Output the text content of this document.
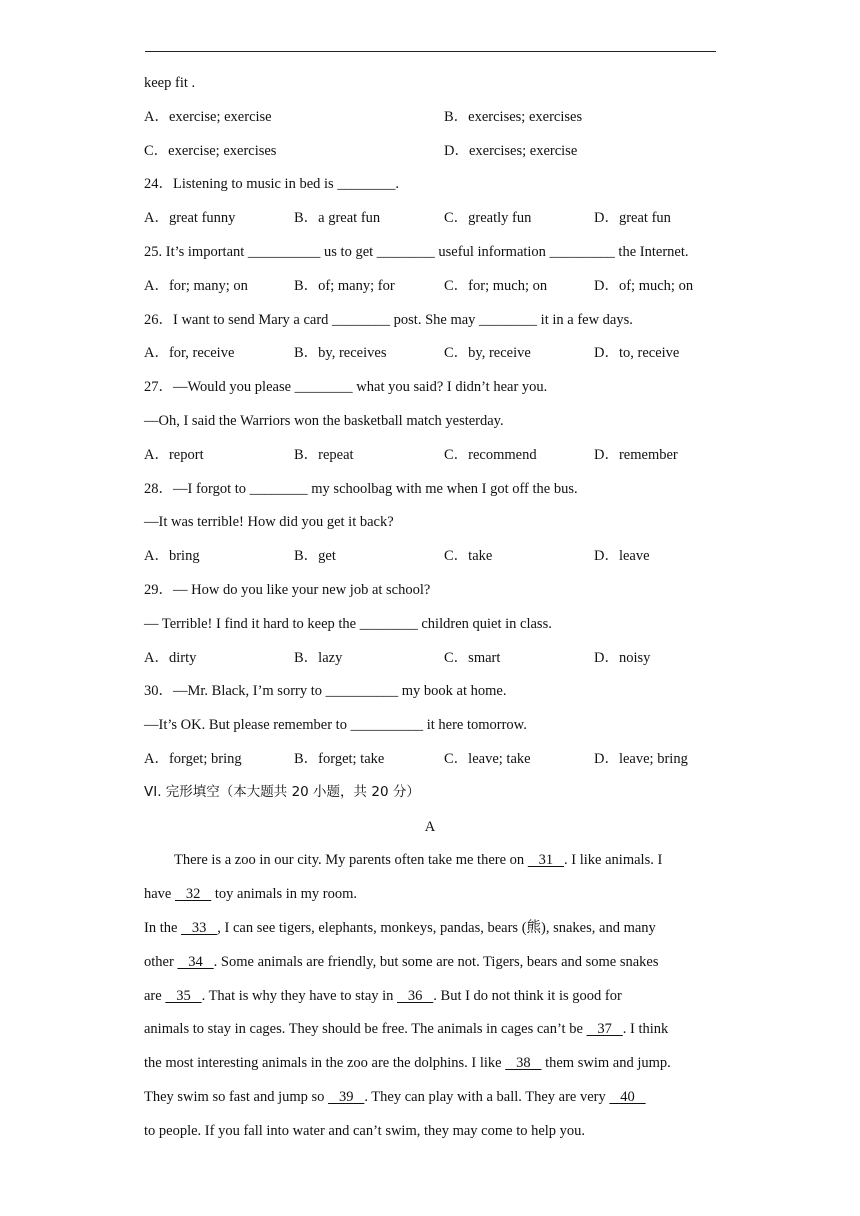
keep fit .
A．exercise; exercise	B．exercises; exercises
C．exercise; exercises	D．exercises; exercise
24．Listening to music in bed is ________.
A．great funny	B．a great fun	C．greatly fun	D．great fun
25. It’s important __________ us to get ________ useful information _________ the Internet.
A．for; many; on	B．of; many; for	C．for; much; on	D．of; much; on
26．I want to send Mary a card ________ post. She may ________ it in a few days.
A．for, receive	B．by, receives	C．by, receive	D．to, receive
27．—Would you please ________ what you said? I didn’t hear you.
—Oh, I said the Warriors won the basketball match yesterday.
A．report	B．repeat	C．recommend	D．remember
28．—I forgot to ________ my schoolbag with me when I got off the bus.
—It was terrible! How did you get it back?
A．bring	B．get	C．take	D．leave
29．— How do you like your new job at school?
— Terrible! I find it hard to keep the ________ children quiet in class.
A．dirty	B．lazy	C．smart	D．noisy
30．—Mr. Black, I’m sorry to __________ my book at home.
—It’s OK. But please remember to __________ it here tomorrow.
A．forget; bring	B．forget; take	C．leave; take	D．leave; bring
VI. 完形填空（本大题共 20 小题，共 20 分）
A
There is a zoo in our city. My parents often take me there on    31   . I like animals. I
have    32    toy animals in my room.
In the    33   , I can see tigers, elephants, monkeys, pandas, bears (熊), snakes, and many
other    34   . Some animals are friendly, but some are not. Tigers, bears and some snakes
are    35   . That is why they have to stay in    36   . But I do not think it is good for
animals to stay in cages. They should be free. The animals in cages can’t be    37   . I think
the most interesting animals in the zoo are the dolphins. I like    38    them swim and jump.
They swim so fast and jump so    39   . They can play with a ball. They are very    40
to people. If you fall into water and can’t swim, they may come to help you.
